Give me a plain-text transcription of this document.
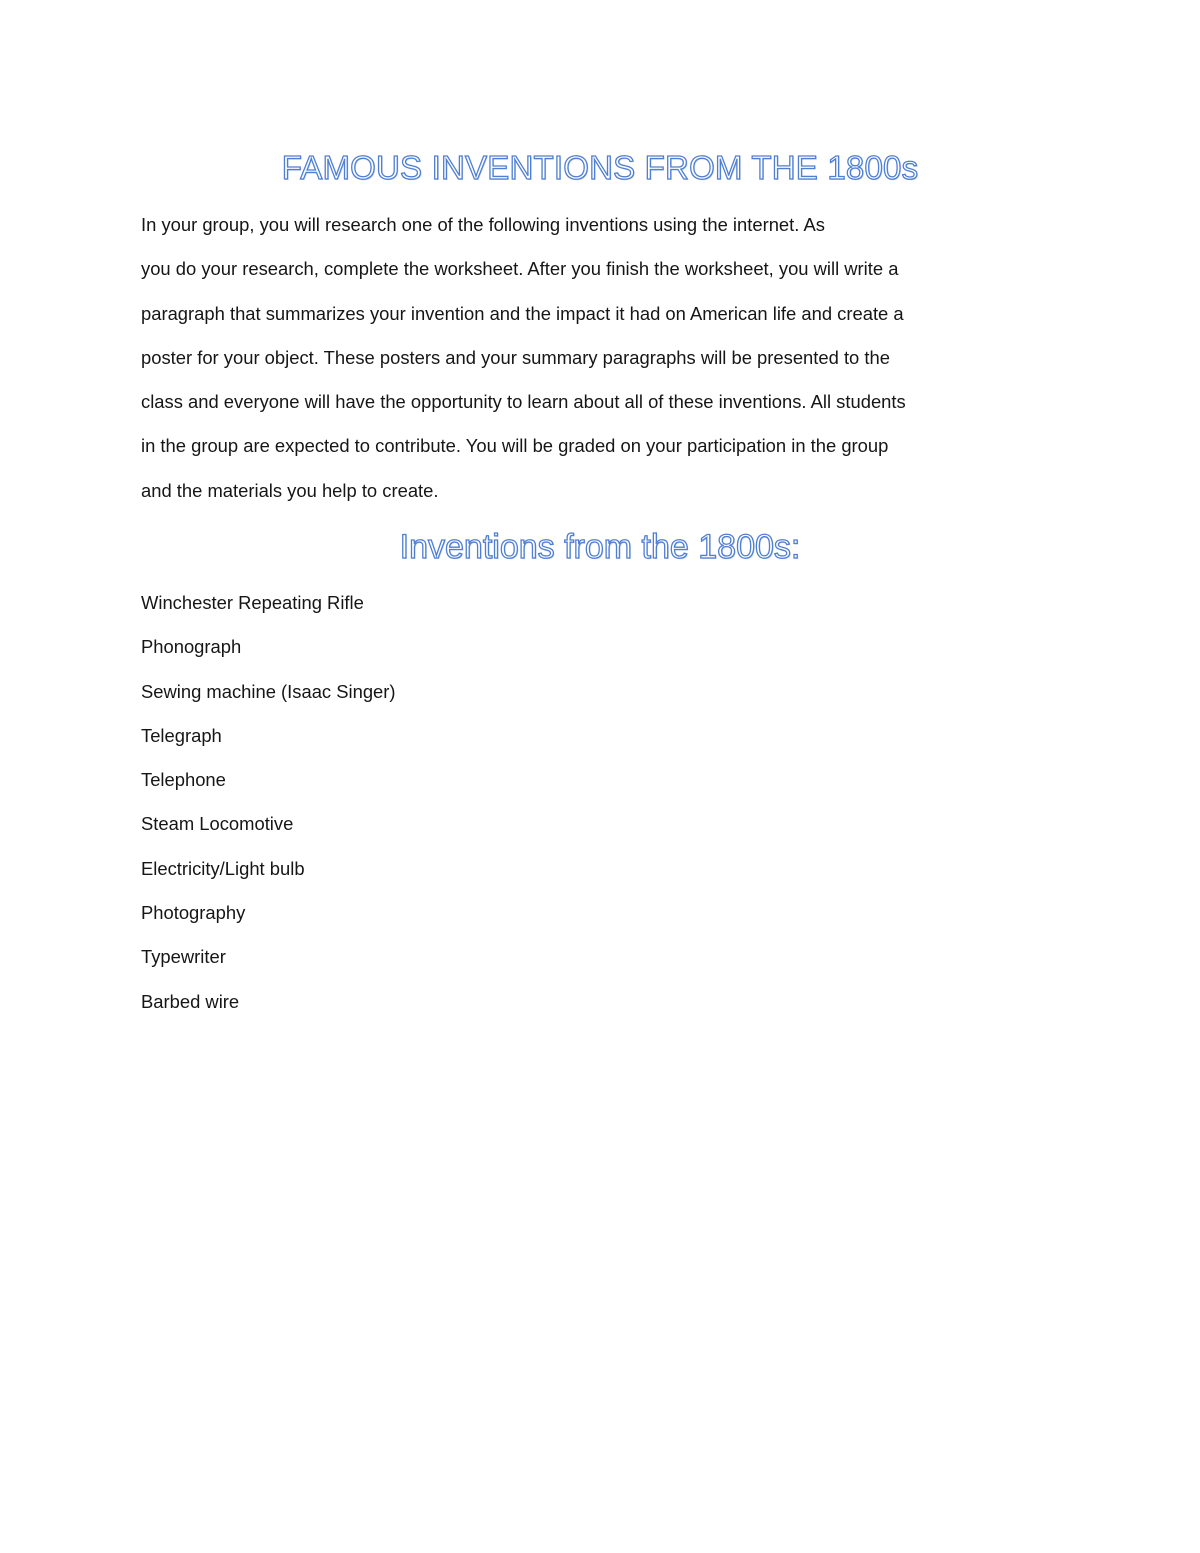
FAMOUS INVENTIONS FROM THE 1800s
In your group, you will research one of the following inventions using the internet. As
you do your research, complete the worksheet. After you finish the worksheet, you will write a
paragraph that summarizes your invention and the impact it had on American life and create a
poster for your object. These posters and your summary paragraphs will be presented to the
class and everyone will have the opportunity to learn about all of these inventions. All students
in the group are expected to contribute. You will be graded on your participation in the group
and the materials you help to create.
Inventions from the 1800s:
Winchester Repeating Rifle
Phonograph
Sewing machine (Isaac Singer)
Telegraph
Telephone
Steam Locomotive
Electricity/Light bulb
Photography
Typewriter
Barbed wire
